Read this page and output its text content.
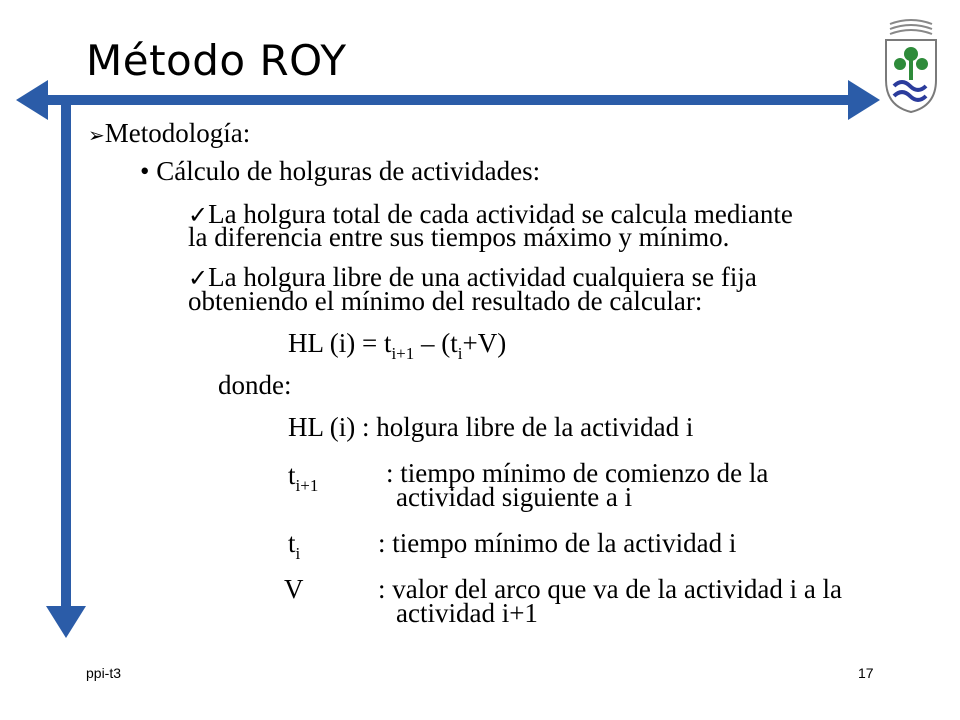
Método ROY
➢Metodología:
• Cálculo de holguras de actividades:
✓La holgura total de cada actividad se calcula mediante
la diferencia entre sus tiempos máximo y mínimo.
✓La holgura libre de una actividad cualquiera se fija
obteniendo el mínimo del resultado de calcular:
HL $(i) = t_{i+1} - (t_i+V)$
donde:
HL (i) : holgura libre de la actividad i
$t_{i+1}$	: tiempo mínimo de comienzo de la
actividad siguiente a i
$t_i$	: tiempo mínimo de la actividad i
V	: valor del arco que va de la actividad i a la
actividad i+1
ppi-t3	17
